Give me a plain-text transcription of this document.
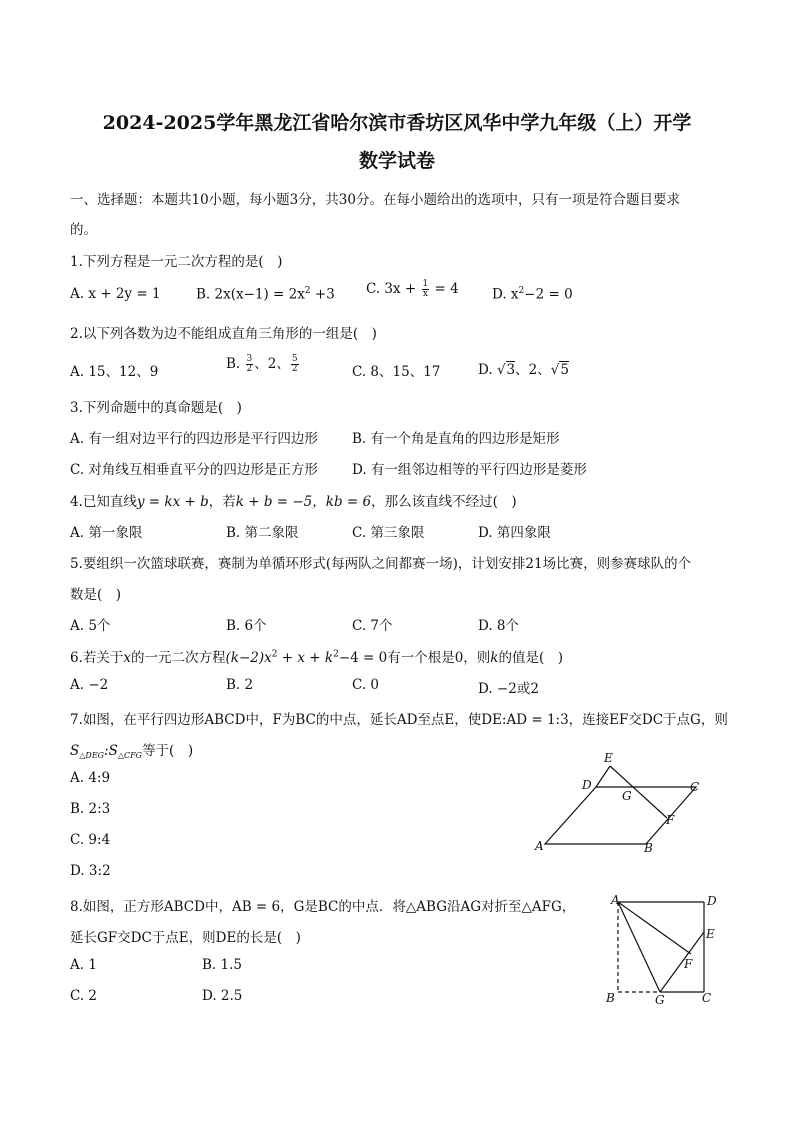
2024-2025学年黑龙江省哈尔滨市香坊区风华中学九年级（上）开学
数学试卷
一、选择题：本题共10小题，每小题3分，共30分。在每小题给出的选项中，只有一项是符合题目要求
的。
1.下列方程是一元二次方程的是(　)
A. x + 2y = 1	B. $2x(x-1) = 2x^2 +3$ C. $3x + \frac{1}{x} = 4$ D. $x^2-2 = 0$
2.以下列各数为边不能组成直角三角形的一组是(　)
A. 15、12、9	B. $\frac{3}{2}$ 、2、 $\frac{5}{2}$	C. 8、15、17	D. √3、2、√5
3.下列命题中的真命题是(　)
A. 有一组对边平行的四边形是平行四边形	B. 有一个角是直角的四边形是矩形
C. 对角线互相垂直平分的四边形是正方形	D. 有一组邻边相等的平行四边形是菱形
4.已知直线y = kx + b，若k + b = −5，kb = 6，那么该直线不经过(　)
A. 第一象限	B. 第二象限	C. 第三象限	D. 第四象限
5.要组织一次篮球联赛，赛制为单循环形式(每两队之间都赛一场)，计划安排21场比赛，则参赛球队的个
数是(　)
A. 5个	B. 6个	C. 7个	D. 8个
6.若关于x的一元二次方程$(k-2)x^2 + x + k^2-4 = 0$有一个根是0，则k的值是(　)
A. −2	B. 2	C. 0	D. −2或2
7.如图，在平行四边形ABCD中，F为BC的中点，延长AD至点E，使DE:AD = 1:3，连接EF交DC于点G，则
$S_{\triangle DEG}:S_{\triangle CFG}$等于(　)
A. 4:9
B. 2:3
C. 9:4
D. 3:2
A	B
C
D
E
F
G
8.如图，正方形ABCD中，AB = 6，G是BC的中点．将△ABG沿AG对折至△AFG，
延长GF交DC于点E，则DE的长是(　)
A. 1	B. 1.5
C. 2	D. 2.5
A
B	C
D
E
F
G
